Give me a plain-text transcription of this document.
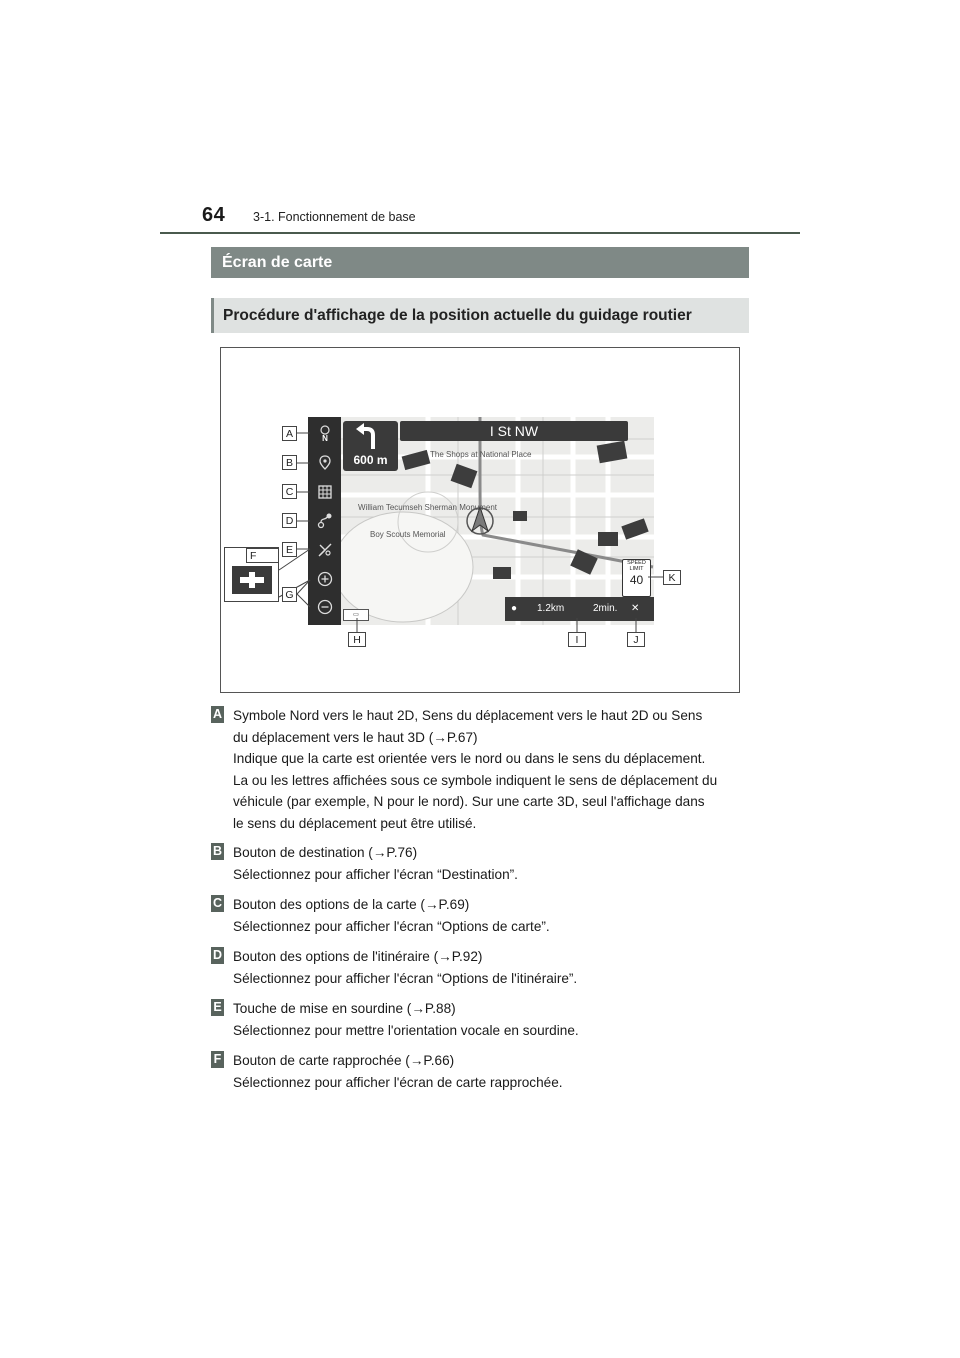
64 3-1. Fonctionnement de base
Écran de carte
Procédure d'affichage de la position actuelle du guidage routier
N
600 m
I St NW
The Shops at National Place
William Tecumseh Sherman Monument
Boy Scouts Memorial
▭
SPEED LIMIT
40
● 1.2km	2min. ✕
A
B
C
D
E
F
G
H	I	J
K
A Symbole Nord vers le haut 2D, Sens du déplacement vers le haut 2D ou Sens
du déplacement vers le haut 3D (→P.67)
Indique que la carte est orientée vers le nord ou dans le sens du déplacement.
La ou les lettres affichées sous ce symbole indiquent le sens de déplacement du
véhicule (par exemple, N pour le nord). Sur une carte 3D, seul l'affichage dans
le sens du déplacement peut être utilisé.
B Bouton de destination (→P.76)
Sélectionnez pour afficher l'écran “Destination”.
C Bouton des options de la carte (→P.69)
Sélectionnez pour afficher l'écran “Options de carte”.
D Bouton des options de l'itinéraire (→P.92)
Sélectionnez pour afficher l'écran “Options de l'itinéraire”.
E Touche de mise en sourdine (→P.88)
Sélectionnez pour mettre l'orientation vocale en sourdine.
F Bouton de carte rapprochée (→P.66)
Sélectionnez pour afficher l'écran de carte rapprochée.
